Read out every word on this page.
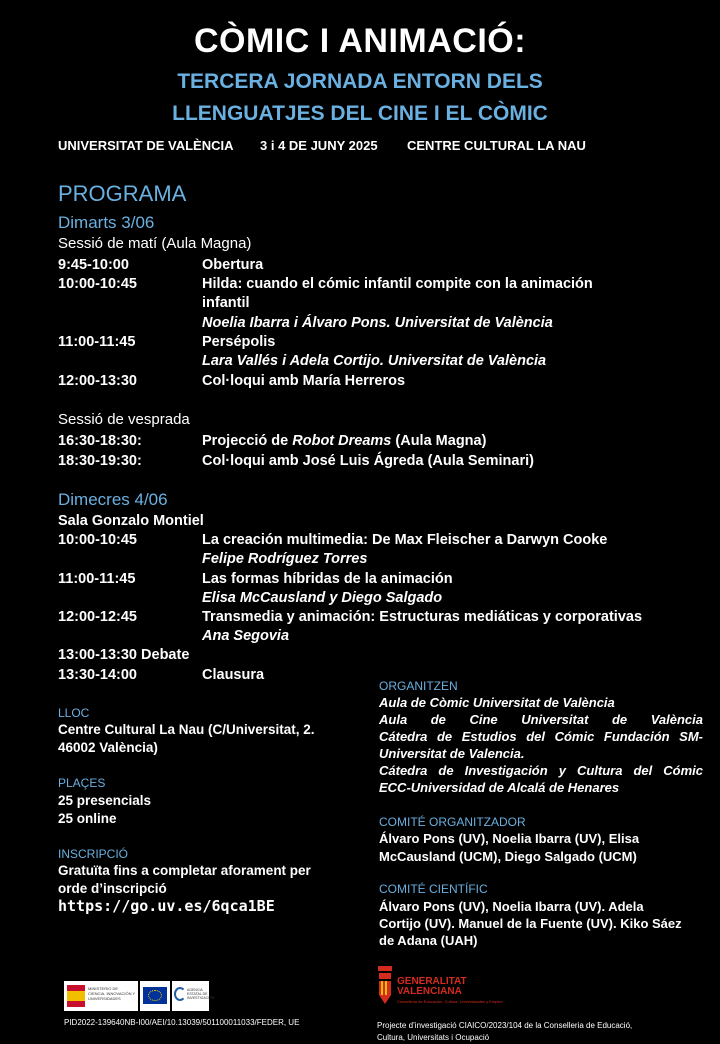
CÒMIC I ANIMACIÓ:
TERCERA JORNADA ENTORN DELS
LLENGUATJES DEL CINE I EL CÒMIC
UNIVERSITAT DE VALÈNCIA 3 i 4 DE JUNY 2025 CENTRE CULTURAL LA NAU
PROGRAMA
Dimarts 3/06
Sessió de matí (Aula Magna)
9:45-10:00	Obertura
10:00-10:45	Hilda: cuando el cómic infantil compite con la animación
infantil
Noelia Ibarra i Álvaro Pons. Universitat de València
11:00-11:45	Persépolis
Lara Vallés i Adela Cortijo. Universitat de València
12:00-13:30	Col·loqui amb María Herreros
Sessió de vesprada
16:30-18:30:	Projecció de Robot Dreams (Aula Magna)
18:30-19:30:	Col·loqui amb José Luis Ágreda (Aula Seminari)
Dimecres 4/06
Sala Gonzalo Montiel
10:00-10:45	La creación multimedia: De Max Fleischer a Darwyn Cooke
Felipe Rodríguez Torres
11:00-11:45	Las formas híbridas de la animación
Elisa McCausland y Diego Salgado
12:00-12:45	Transmedia y animación: Estructuras mediáticas y corporativas
Ana Segovia
13:00-13:30 Debate
13:30-14:00	Clausura
LLOC
Centre Cultural La Nau (C/Universitat, 2.
46002 València)
PLAÇES
25 presencials
25 online
INSCRIPCIÓ
Gratuïta fins a completar aforament per
orde d’inscripció
https://go.uv.es/6qca1BE
ORGANITZEN
Aula de Còmic Universitat de València
Aula de Cine Universitat de València
Cátedra de Estudios del Cómic Fundación SM-
Universitat de Valencia.
Cátedra de Investigación y Cultura del Cómic
ECC-Universidad de Alcalá de Henares
COMITÉ ORGANITZADOR
Álvaro Pons (UV), Noelia Ibarra (UV), Elisa
McCausland (UCM), Diego Salgado (UCM)
COMITÉ CIENTÍFIC
Álvaro Pons (UV), Noelia Ibarra (UV). Adela
Cortijo (UV). Manuel de la Fuente (UV). Kiko Sáez
de Adana (UAH)
MINISTERIO DE CIENCIA, INNOVACIÓN Y UNIVERSIDADES
AGENCIA ESTATAL DE INVESTIGACIÓN
PID2022-139640NB-I00/AEI/10.13039/501100011033/FEDER, UE
GENERALITAT
VALENCIANA
Conselleria de Educación, Cultura, Universidades y Empleo
Projecte d’investigació CIAICO/2023/104 de la Conselleria de Educació,
Cultura, Universitats i Ocupació
